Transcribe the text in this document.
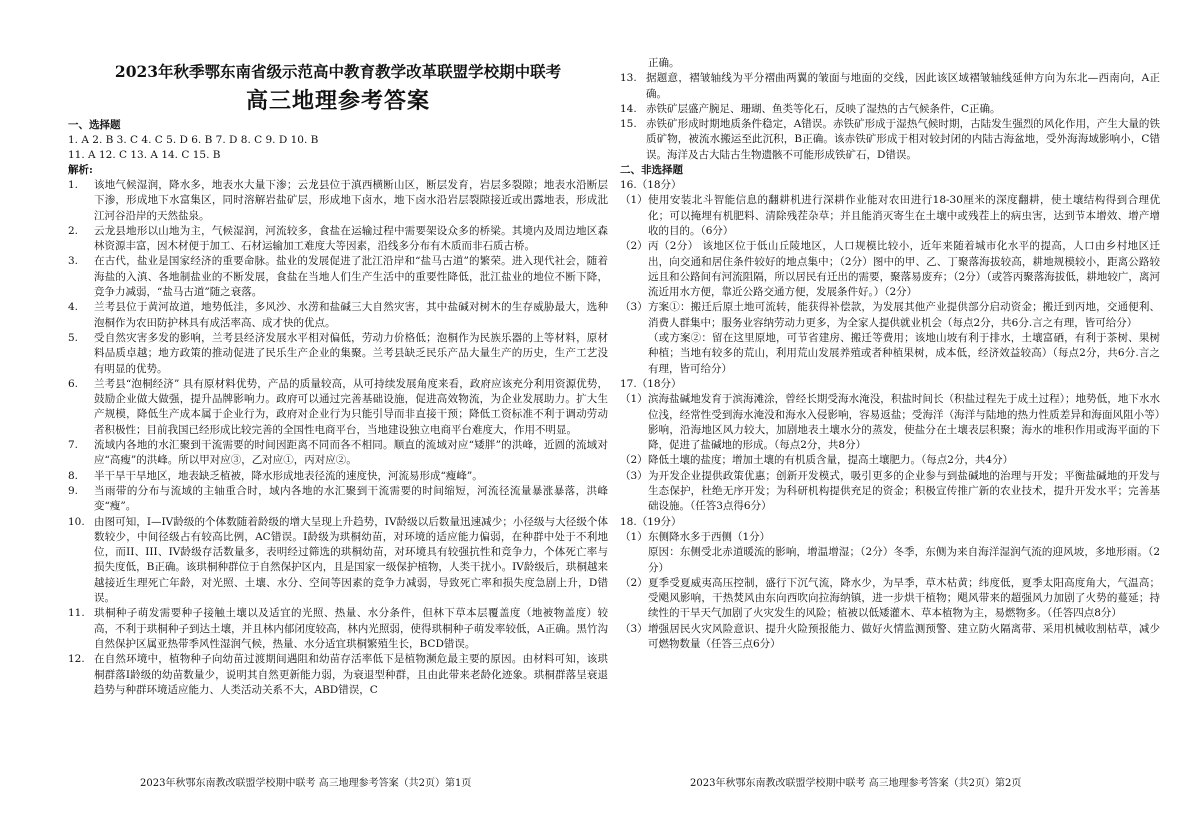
2023年秋季鄂东南省级示范高中教育教学改革联盟学校期中联考
高三地理参考答案
一、选择题
1. A 2. B 3. C 4. C 5. D 6. B 7. D 8. C 9. D 10. B
11. A 12. C 13. A 14. C 15. B
解析:
1.	该地气候湿润，降水多，地表水大量下渗；云龙县位于滇西横断山区，断层发育，岩层多裂隙；地表水沿断层下渗，形成地下水富集区，同时溶解岩盐矿层，形成地下卤水，地下卤水沿岩层裂隙接近或出露地表，形成沘江河谷沿岸的天然盐泉。
2.	云龙县地形以山地为主，气候湿润，河流较多，食盐在运输过程中需要架设众多的桥梁。其境内及周边地区森林资源丰富，因木材便于加工、石材运输加工难度大等因素，沿线多分布有木质而非石质古桥。
3.	在古代，盐业是国家经济的重要命脉。盐业的发展促进了沘江沿岸和“盐马古道”的繁荣。进入现代社会，随着海盐的入滇、各地制盐业的不断发展，食盐在当地人们生产生活中的重要性降低，沘江盐业的地位不断下降，竞争力减弱，“盐马古道”随之衰落。
4.	兰考县位于黄河故道，地势低洼，多风沙、水涝和盐碱三大自然灾害，其中盐碱对树木的生存威胁最大，选种泡桐作为农田防护林具有成活率高、成才快的优点。
5.	受自然灾害多发的影响，兰考县经济发展水平相对偏低，劳动力价格低；泡桐作为民族乐器的上等材料，原材料品质卓越；地方政策的推动促进了民乐生产企业的集聚。兰考县缺乏民乐产品大量生产的历史，生产工艺没有明显的优势。
6.	兰考县“泡桐经济” 具有原材料优势，产品的质量较高，从可持续发展角度来看，政府应该充分利用资源优势，鼓励企业做大做强，提升品牌影响力。政府可以通过完善基础设施，促进高效物流，为企业发展助力。扩大生产规模，降低生产成本属于企业行为，政府对企业行为只能引导而非直接干预；降低工资标准不利于调动劳动者积极性；目前我国已经形成比较完善的全国性电商平台，当地建设独立电商平台难度大，作用不明显。
7.	流域内各地的水汇聚到干流需要的时间因距离不同而各不相同。顺直的流域对应“矮胖”的洪峰，近圆的流域对应“高瘦”的洪峰。所以甲对应③，乙对应①，丙对应②。
8.	半干旱干旱地区，地表缺乏植被，降水形成地表径流的速度快，河流易形成“瘦峰”。
9.	当雨带的分布与流域的主轴重合时，域内各地的水汇聚到干流需要的时间缩短，河流径流量暴涨暴落，洪峰变“瘦”。
10. 由图可知，I—IV龄级的个体数随着龄级的增大呈现上升趋势，IV龄级以后数量迅速减少；小径级与大径级个体数较少，中间径级占有较高比例，AC错误。I龄级为珙桐幼苗，对环境的适应能力偏弱，在种群中处于不利地位，而II、III、IV龄级存活数量多，表明经过筛选的珙桐幼苗，对环境具有较强抗性和竞争力，个体死亡率与损失度低，B正确。该珙桐种群位于自然保护区内，且是国家一级保护植物，人类干扰小。IV龄级后，珙桐越来越接近生理死亡年龄，对光照、土壤、水分、空间等因素的竞争力减弱，导致死亡率和损失度急剧上升，D错误。
11. 珙桐种子萌发需要种子接触土壤以及适宜的光照、热量、水分条件，但林下草本层覆盖度（地被物盖度）较高，不利于珙桐种子到达土壤，并且林内郁闭度较高，林内光照弱，使得珙桐种子萌发率较低，A正确。黑竹沟自然保护区属亚热带季风性湿润气候，热量、水分适宜珙桐繁殖生长，BCD错误。
12. 在自然环境中，植物种子向幼苗过渡期间遇阻和幼苗存活率低下是植物濒危最主要的原因。由材料可知，该珙桐群落I龄级的幼苗数量少，说明其自然更新能力弱，为衰退型种群，且由此带来老龄化迹象。珙桐群落呈衰退趋势与种群环境适应能力、人类活动关系不大，ABD错误，C
正确。
13. 据题意，褶皱轴线为平分褶曲两翼的皱面与地面的交线，因此该区域褶皱轴线延伸方向为东北—西南向，A正确。
14. 赤铁矿层盛产腕足、珊瑚、鱼类等化石，反映了湿热的古气候条件，C正确。
15. 赤铁矿形成时期地质条件稳定，A错误。赤铁矿形成于湿热气候时期，古陆发生强烈的风化作用，产生大量的铁质矿物，被流水搬运至此沉积，B正确。该赤铁矿形成于相对较封闭的内陆古海盆地，受外海海域影响小，C错误。海洋及古大陆古生物遗骸不可能形成铁矿石，D错误。
二、非选择题
16.（18分）
（1） 使用安装北斗智能信息的翻耕机进行深耕作业能对农田进行18-30厘米的深度翻耕，使土壤结构得到合理优化；可以掩埋有机肥料、清除残茬杂草；并且能消灭寄生在土壤中或残茬上的病虫害，达到节本增效、增产增收的目的。（6分）
（2） 丙（2分） 该地区位于低山丘陵地区，人口规模比较小，近年来随着城市化水平的提高，人口由乡村地区迁出，向交通和居住条件较好的地点集中；（2分）图中的甲、乙、丁聚落海拔较高，耕地规模较小，距离公路较远且和公路间有河流阻隔，所以居民有迁出的需要，聚落易废弃；（2分）（或答丙聚落海拔低，耕地较广，离河流近用水方便，靠近公路交通方便，发展条件好。）（2分）
（3） 方案①：搬迁后原土地可流转，能获得补偿款，为发展其他产业提供部分启动资金；搬迁到丙地，交通便利、消费人群集中；服务业容纳劳动力更多，为全家人提供就业机会（每点2分，共6分.言之有理，皆可给分）
（或方案②：留在这里原地，可节省建房、搬迁等费用；该地山坡有利于排水，土壤富硒，有利于茶树、果树种植；当地有较多的荒山，利用荒山发展养殖或者种植果树，成本低，经济效益较高）（每点2分，共6分.言之有理，皆可给分）
17.（18分）
（1） 滨海盐碱地发育于滨海滩涂，曾经长期受海水淹没，积盐时间长（积盐过程先于成土过程）；地势低，地下水水位浅，经常性受到海水淹没和海水入侵影响，容易返盐；受海洋（海洋与陆地的热力性质差异和海面风阻小等）影响，沿海地区风力较大，加剧地表土壤水分的蒸发，使盐分在土壤表层积聚；海水的堆积作用或海平面的下降，促进了盐碱地的形成。（每点2分，共8分）
（2） 降低土壤的盐度；增加土壤的有机质含量，提高土壤肥力。（每点2分，共4分）
（3） 为开发企业提供政策优惠；创新开发模式，吸引更多的企业参与到盐碱地的治理与开发；平衡盐碱地的开发与生态保护，杜绝无序开发；为科研机构提供充足的资金；积极宣传推广新的农业技术，提升开发水平；完善基础设施。（任答3点得6分）
18.（19分）
（1） 东侧降水多于西侧（1分）
原因：东侧受北赤道暖流的影响，增温增湿；（2分）冬季，东侧为来自海洋湿润气流的迎风坡，多地形雨。（2分）
（2） 夏季受夏威夷高压控制，盛行下沉气流，降水少，为旱季，草木枯黄；纬度低，夏季太阳高度角大，气温高；受飓风影响，干热焚风由东向西吹向拉海纳镇，进一步烘干植物；飓风带来的超强风力加剧了火势的蔓延；持续性的干旱天气加剧了火灾发生的风险；植被以低矮灌木、草本植物为主，易燃物多。（任答四点8分）
（3） 增强居民火灾风险意识、提升火险预报能力、做好火情监测预警、建立防火隔离带、采用机械收割枯草，减少可燃物数量（任答三点6分）
2023年秋鄂东南教改联盟学校期中联考 高三地理参考答案（共2页）第1页	2023年秋鄂东南教改联盟学校期中联考 高三地理参考答案（共2页）第2页
